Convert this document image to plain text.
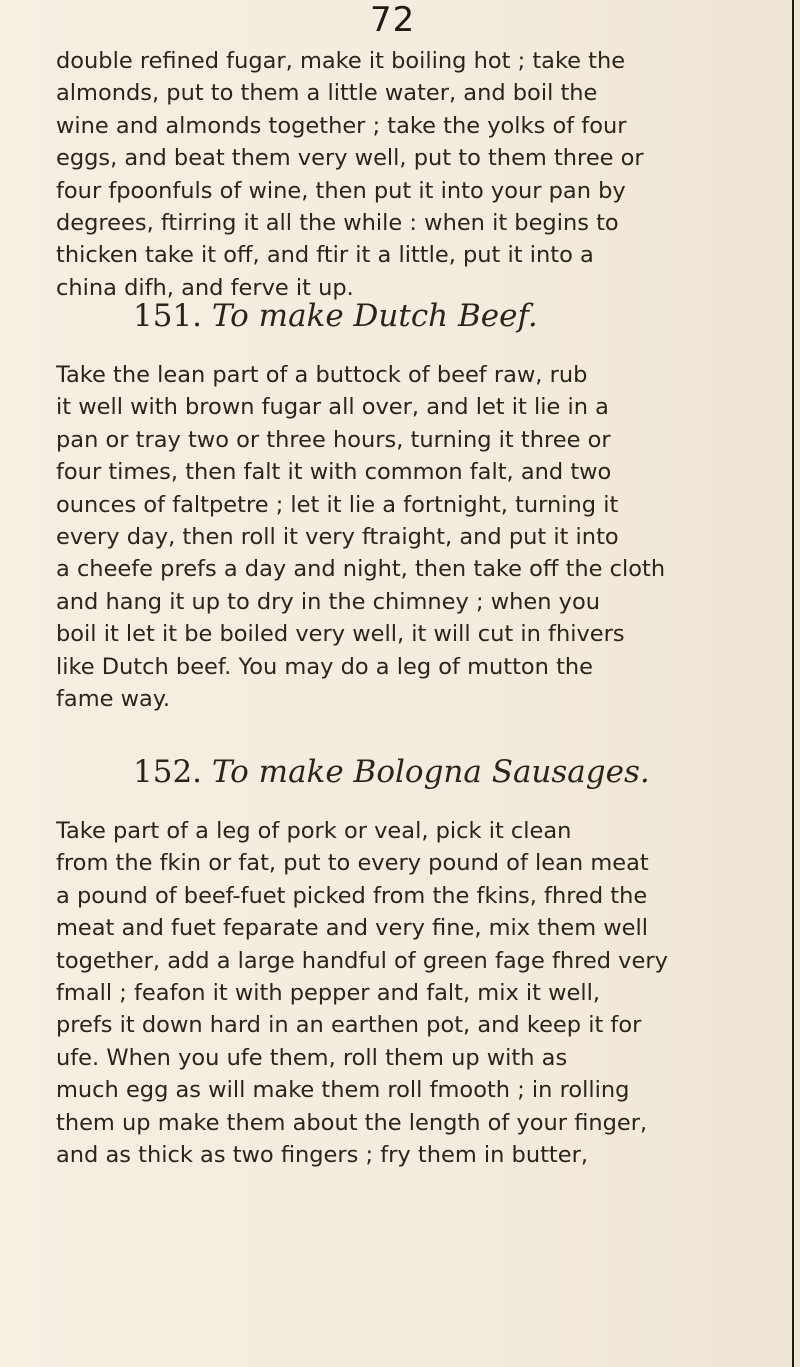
72
double refined fugar, make it boiling hot ; take the
almonds, put to them a little water, and boil the
wine and almonds together ; take the yolks of four
eggs, and beat them very well, put to them three or
four fpoonfuls of wine, then put it into your pan by
degrees, ftirring it all the while : when it begins to
thicken take it off, and ftir it a little, put it into a
china difh, and ferve it up.
151. To make Dutch Beef.
Take the lean part of a buttock of beef raw, rub
it well with brown fugar all over, and let it lie in a
pan or tray two or three hours, turning it three or
four times, then falt it with common falt, and two
ounces of faltpetre ; let it lie a fortnight, turning it
every day, then roll it very ftraight, and put it into
a cheefe prefs a day and night, then take off the cloth
and hang it up to dry in the chimney ; when you
boil it let it be boiled very well, it will cut in fhivers
like Dutch beef. You may do a leg of mutton the
fame way.
152. To make Bologna Sausages.
Take part of a leg of pork or veal, pick it clean
from the fkin or fat, put to every pound of lean meat
a pound of beef-fuet picked from the fkins, fhred the
meat and fuet feparate and very fine, mix them well
together, add a large handful of green fage fhred very
fmall ; feafon it with pepper and falt, mix it well,
prefs it down hard in an earthen pot, and keep it for
ufe. When you ufe them, roll them up with as
much egg as will make them roll fmooth ; in rolling
them up make them about the length of your finger,
and as thick as two fingers ; fry them in butter,
